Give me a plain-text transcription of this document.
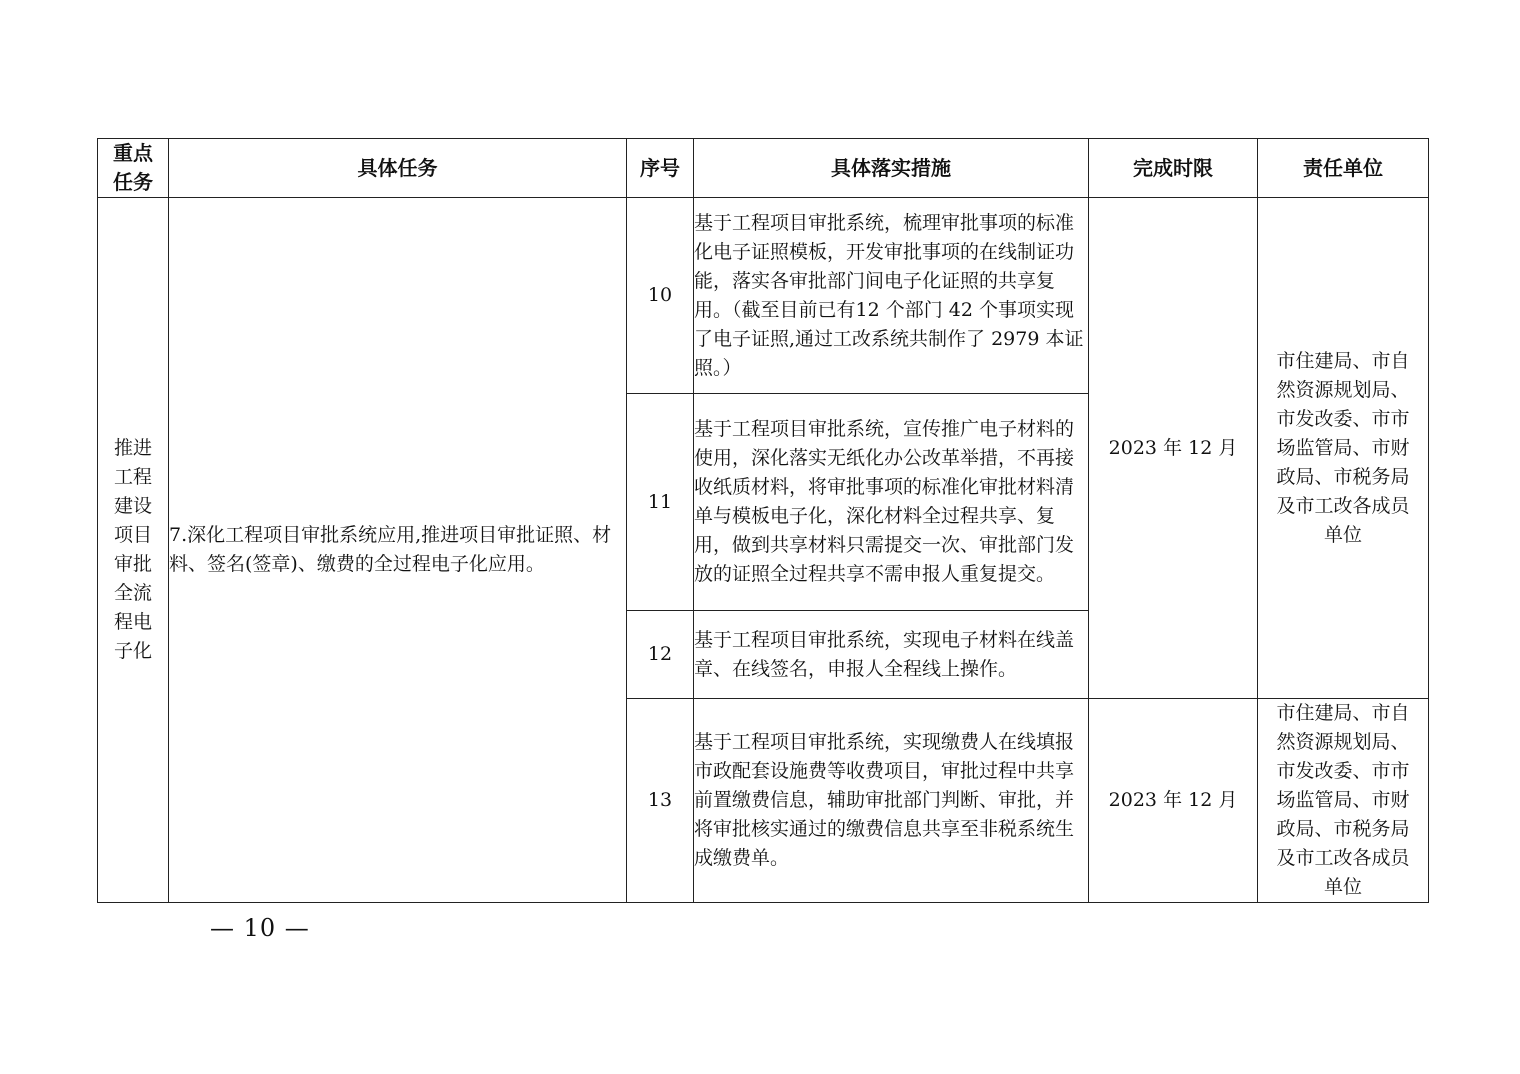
重点任务	具体任务	序号	具体落实措施	完成时限	责任单位

推进工程建设项目审批全流程电子化	7.深化工程项目审批系统应用,推进项目审批证照、材料、签名(签章)、缴费的全过程电子化应用。	10	基于工程项目审批系统，梳理审批事项的标准化电子证照模板，开发审批事项的在线制证功能，落实各审批部门间电子化证照的共享复用。（截至目前已有12 个部门 42 个事项实现了电子证照,通过工改系统共制作了 2979 本证照。）	2023 年 12 月	市住建局、市自然资源规划局、市发改委、市市场监管局、市财政局、市税务局及市工改各成员单位

		11	基于工程项目审批系统，宣传推广电子材料的使用，深化落实无纸化办公改革举措，不再接收纸质材料，将审批事项的标准化审批材料清单与模板电子化，深化材料全过程共享、复用，做到共享材料只需提交一次、审批部门发放的证照全过程共享不需申报人重复提交。		
		12	基于工程项目审批系统，实现电子材料在线盖章、在线签名，申报人全程线上操作。		
		13	基于工程项目审批系统，实现缴费人在线填报市政配套设施费等收费项目，审批过程中共享前置缴费信息，辅助审批部门判断、审批，并将审批核实通过的缴费信息共享至非税系统生成缴费单。	2023 年 12 月	市住建局、市自然资源规划局、市发改委、市市场监管局、市财政局、市税务局及市工改各成员单位
— 10 —
